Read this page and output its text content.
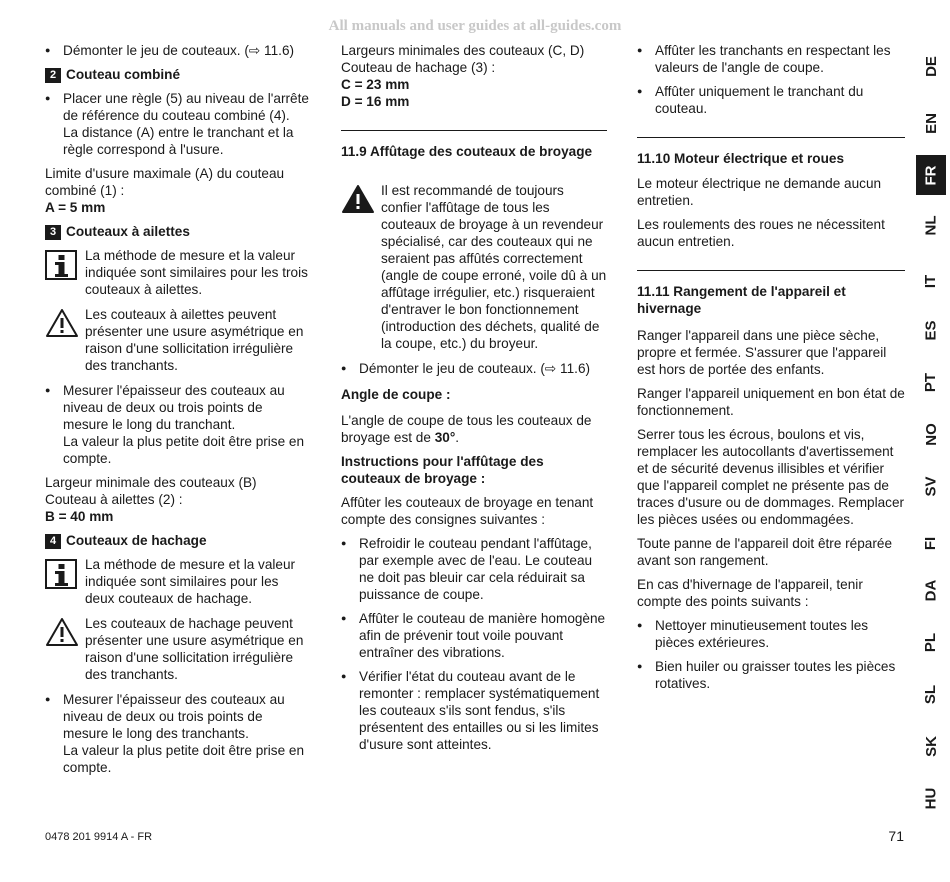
All manuals and user guides at all-guides.com
● Démonter le jeu de couteaux. (⇨ 11.6)
2 Couteau combiné
● Placer une règle (5) au niveau de l'arrête de référence du couteau combiné (4).
La distance (A) entre le tranchant et la règle correspond à l'usure.

Limite d'usure maximale (A) du couteau combiné (1) :
A = 5 mm

3 Couteaux à ailettes
La méthode de mesure et la valeur indiquée sont similaires pour les trois couteaux à ailettes.
Les couteaux à ailettes peuvent présenter une usure asymétrique en raison d'une sollicitation irrégulière des tranchants.
● Mesurer l'épaisseur des couteaux au niveau de deux ou trois points de mesure le long du tranchant.
La valeur la plus petite doit être prise en compte.

Largeur minimale des couteaux (B) Couteau à ailettes (2) :
B = 40 mm

4 Couteaux de hachage
La méthode de mesure et la valeur indiquée sont similaires pour les deux couteaux de hachage.
Les couteaux de hachage peuvent présenter une usure asymétrique en raison d'une sollicitation irrégulière des tranchants.
● Mesurer l'épaisseur des couteaux au niveau de deux ou trois points de mesure le long des tranchants.
La valeur la plus petite doit être prise en compte.

Largeurs minimales des couteaux (C, D) Couteau de hachage (3) :
C = 23 mm
D = 16 mm

11.9 Affûtage des couteaux de broyage
Il est recommandé de toujours confier l'affûtage de tous les couteaux de broyage à un revendeur spécialisé, car des couteaux qui ne seraient pas affûtés correctement (angle de coupe erroné, voile dû à un affûtage irrégulier, etc.) risqueraient d'entraver le bon fonctionnement (introduction des déchets, qualité de la coupe, etc.) du broyeur.
● Démonter le jeu de couteaux. (⇨ 11.6)

Angle de coupe :

L'angle de coupe de tous les couteaux de broyage est de 30°.

Instructions pour l'affûtage des couteaux de broyage :

Affûter les couteaux de broyage en tenant compte des consignes suivantes :

● Refroidir le couteau pendant l'affûtage, par exemple avec de l'eau. Le couteau ne doit pas bleuir car cela réduirait sa puissance de coupe.
● Affûter le couteau de manière homogène afin de prévenir tout voile pouvant entraîner des vibrations.
● Vérifier l'état du couteau avant de le remonter : remplacer systématiquement les couteaux s'ils sont fendus, s'ils présentent des entailles ou si les limites d'usure sont atteintes.
● Affûter les tranchants en respectant les valeurs de l'angle de coupe.
● Affûter uniquement le tranchant du couteau.
11.10 Moteur électrique et roues

Le moteur électrique ne demande aucun entretien.

Les roulements des roues ne nécessitent aucun entretien.

11.11 Rangement de l'appareil et hivernage

Ranger l'appareil dans une pièce sèche, propre et fermée. S'assurer que l'appareil est hors de portée des enfants.

Ranger l'appareil uniquement en bon état de fonctionnement.

Serrer tous les écrous, boulons et vis, remplacer les autocollants d'avertissement et de sécurité devenus illisibles et vérifier que l'appareil complet ne présente pas de traces d'usure ou de dommages. Remplacer les pièces usées ou endommagées.

Toute panne de l'appareil doit être réparée avant son rangement.

En cas d'hivernage de l'appareil, tenir compte des points suivants :

● Nettoyer minutieusement toutes les pièces extérieures.
● Bien huiler ou graisser toutes les pièces rotatives.
DE
EN
FR
NL
IT
ES
PT
NO
SV
FI
DA
PL
SL
SK
HU
0478 201 9914 A - FR	71
